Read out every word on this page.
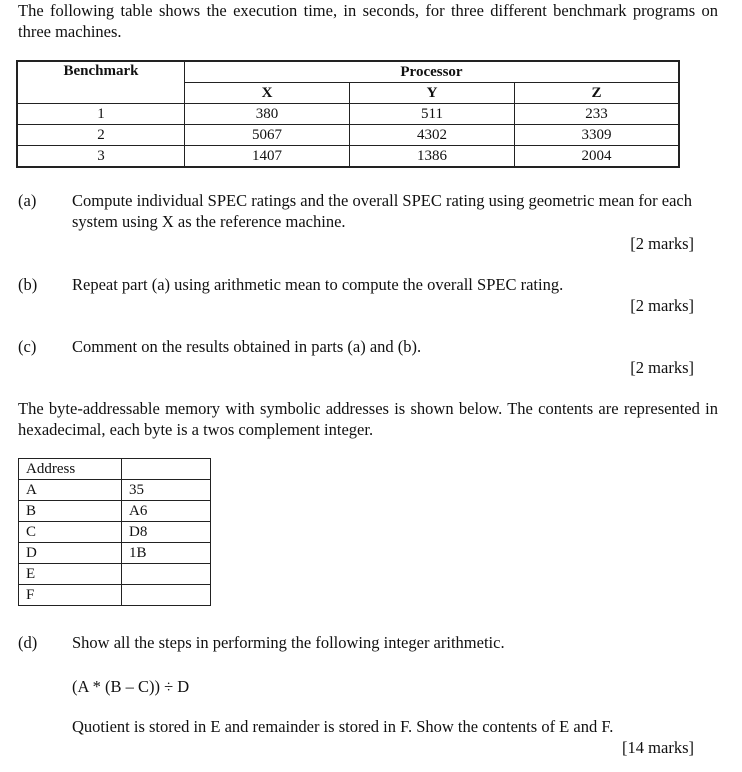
The following table shows the execution time, in seconds, for three different benchmark programs on three machines.
Benchmark	Processor		
	X	Y	Z
1	380	511	233
2	5067	4302	3309
3	1407	1386	2004
(a) Compute individual SPEC ratings and the overall SPEC rating using geometric mean for each system using X as the reference machine.
[2 marks]
(b) Repeat part (a) using arithmetic mean to compute the overall SPEC rating.
[2 marks]
(c) Comment on the results obtained in parts (a) and (b).
[2 marks]
The byte-addressable memory with symbolic addresses is shown below. The contents are represented in hexadecimal, each byte is a twos complement integer.
Address	
A	35
B	A6
C	D8
D	1B
E	
F	
(d) Show all the steps in performing the following integer arithmetic.
(A * (B – C)) ÷ D
Quotient is stored in E and remainder is stored in F. Show the contents of E and F.
[14 marks]
